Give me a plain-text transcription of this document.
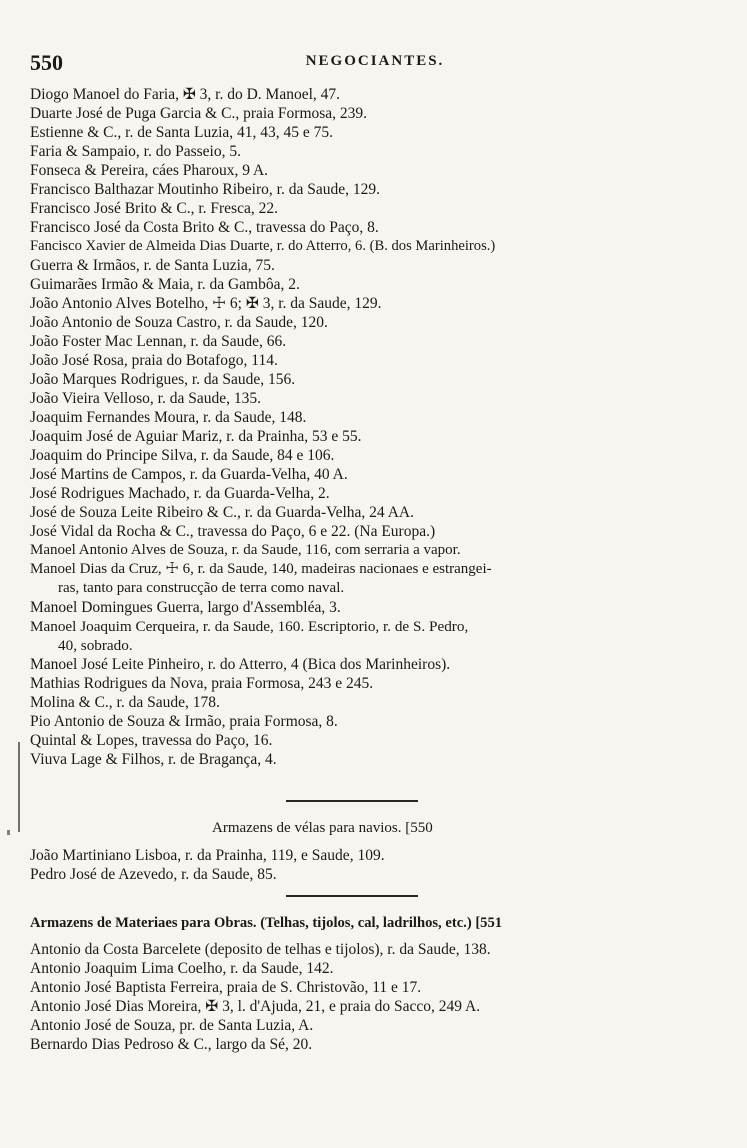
550	NEGOCIANTES.
Diogo Manoel do Faria, ✠ 3, r. do D. Manoel, 47.
Duarte José de Puga Garcia & C., praia Formosa, 239.
Estienne & C., r. de Santa Luzia, 41, 43, 45 e 75.
Faria & Sampaio, r. do Passeio, 5.
Fonseca & Pereira, cáes Pharoux, 9 A.
Francisco Balthazar Moutinho Ribeiro, r. da Saude, 129.
Francisco José Brito & C., r. Fresca, 22.
Francisco José da Costa Brito & C., travessa do Paço, 8.
Fancisco Xavier de Almeida Dias Duarte, r. do Atterro, 6. (B. dos Marinheiros.)
Guerra & Irmãos, r. de Santa Luzia, 75.
Guimarães Irmão & Maia, r. da Gambôa, 2.
João Antonio Alves Botelho, ☩ 6; ✠ 3, r. da Saude, 129.
João Antonio de Souza Castro, r. da Saude, 120.
João Foster Mac Lennan, r. da Saude, 66.
João José Rosa, praia do Botafogo, 114.
João Marques Rodrigues, r. da Saude, 156.
João Vieira Velloso, r. da Saude, 135.
Joaquim Fernandes Moura, r. da Saude, 148.
Joaquim José de Aguiar Mariz, r. da Prainha, 53 e 55.
Joaquim do Principe Silva, r. da Saude, 84 e 106.
José Martins de Campos, r. da Guarda-Velha, 40 A.
José Rodrigues Machado, r. da Guarda-Velha, 2.
José de Souza Leite Ribeiro & C., r. da Guarda-Velha, 24 AA.
José Vidal da Rocha & C., travessa do Paço, 6 e 22. (Na Europa.)
Manoel Antonio Alves de Souza, r. da Saude, 116, com serraria a vapor.
Manoel Dias da Cruz, ☩ 6, r. da Saude, 140, madeiras nacionaes e estrangei-
ras, tanto para construcção de terra como naval.
Manoel Domingues Guerra, largo d'Assembléa, 3.
Manoel Joaquim Cerqueira, r. da Saude, 160. Escriptorio, r. de S. Pedro,
40, sobrado.
Manoel José Leite Pinheiro, r. do Atterro, 4 (Bica dos Marinheiros).
Mathias Rodrigues da Nova, praia Formosa, 243 e 245.
Molina & C., r. da Saude, 178.
Pio Antonio de Souza & Irmão, praia Formosa, 8.
Quintal & Lopes, travessa do Paço, 16.
Viuva Lage & Filhos, r. de Bragança, 4.
Armazens de vélas para navios. [550
João Martiniano Lisboa, r. da Prainha, 119, e Saude, 109.
Pedro José de Azevedo, r. da Saude, 85.
Armazens de Materiaes para Obras. (Telhas, tijolos, cal, ladrilhos, etc.) [551
Antonio da Costa Barcelete (deposito de telhas e tijolos), r. da Saude, 138.
Antonio Joaquim Lima Coelho, r. da Saude, 142.
Antonio José Baptista Ferreira, praia de S. Christovão, 11 e 17.
Antonio José Dias Moreira, ✠ 3, l. d'Ajuda, 21, e praia do Sacco, 249 A.
Antonio José de Souza, pr. de Santa Luzia, A.
Bernardo Dias Pedroso & C., largo da Sé, 20.
